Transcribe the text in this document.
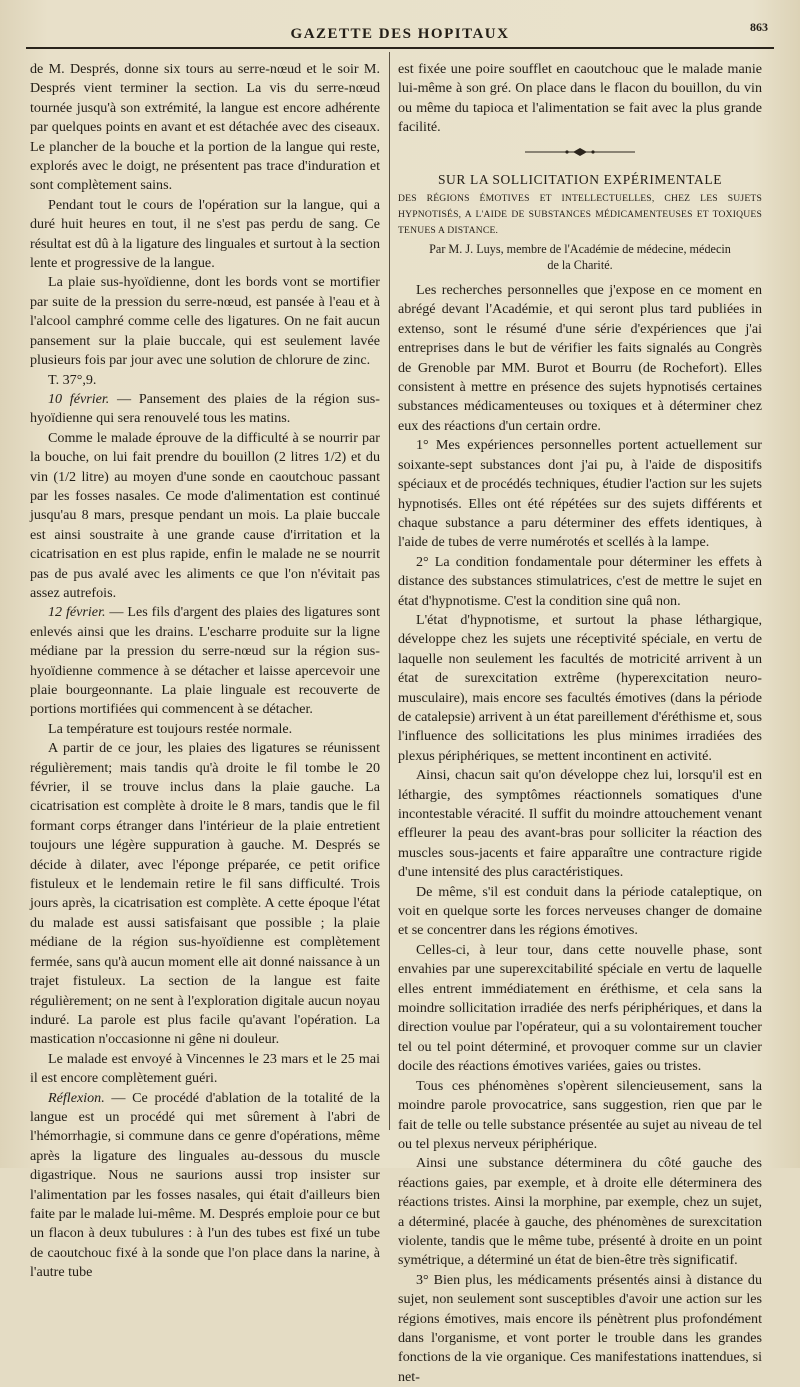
GAZETTE DES HOPITAUX	863

de M. Després, donne six tours au serre-nœud et le soir M. Després vient terminer la section. La vis du serre-nœud tournée jusqu'à son extrémité, la langue est encore adhérente par quelques points en avant et est détachée avec des ciseaux. Le plancher de la bouche et la portion de la langue qui reste, explorés avec le doigt, ne présentent pas trace d'induration et sont complètement sains.

Pendant tout le cours de l'opération sur la langue, qui a duré huit heures en tout, il ne s'est pas perdu de sang. Ce résultat est dû à la ligature des linguales et surtout à la section lente et progressive de la langue.

La plaie sus-hyoïdienne, dont les bords vont se mortifier par suite de la pression du serre-nœud, est pansée à l'eau et à l'alcool camphré comme celle des ligatures. On ne fait aucun pansement sur la plaie buccale, qui est seulement lavée plusieurs fois par jour avec une solution de chlorure de zinc.

T. 37°,9.

10 février. — Pansement des plaies de la région sus-hyoïdienne qui sera renouvelé tous les matins.

Comme le malade éprouve de la difficulté à se nourrir par la bouche, on lui fait prendre du bouillon (2 litres 1/2) et du vin (1/2 litre) au moyen d'une sonde en caoutchouc passant par les fosses nasales. Ce mode d'alimentation est continué jusqu'au 8 mars, presque pendant un mois. La plaie buccale est ainsi soustraite à une grande cause d'irritation et la cicatrisation en est plus rapide, enfin le malade ne se nourrit pas de pus avalé avec les aliments ce que l'on n'évitait pas assez autrefois.

12 février. — Les fils d'argent des plaies des ligatures sont enlevés ainsi que les drains. L'escharre produite sur la ligne médiane par la pression du serre-nœud sur la région sus-hyoïdienne commence à se détacher et laisse apercevoir une plaie bourgeonnante. La plaie linguale est recouverte de portions mortifiées qui commencent à se détacher.

La température est toujours restée normale.

A partir de ce jour, les plaies des ligatures se réunissent régulièrement; mais tandis qu'à droite le fil tombe le 20 février, il se trouve inclus dans la plaie gauche. La cicatrisation est complète à droite le 8 mars, tandis que le fil formant corps étranger dans l'intérieur de la plaie entretient toujours une légère suppuration à gauche. M. Després se décide à dilater, avec l'éponge préparée, ce petit orifice fistuleux et le lendemain retire le fil sans difficulté. Trois jours après, la cicatrisation est complète. A cette époque l'état du malade est aussi satisfaisant que possible ; la plaie médiane de la région sus-hyoïdienne est complètement fermée, sans qu'à aucun moment elle ait donné naissance à un trajet fistuleux. La section de la langue est faite régulièrement; on ne sent à l'exploration digitale aucun noyau induré. La parole est plus facile qu'avant l'opération. La mastication n'occasionne ni gêne ni douleur.

Le malade est envoyé à Vincennes le 23 mars et le 25 mai il est encore complètement guéri.

Réflexion. — Ce procédé d'ablation de la totalité de la langue est un procédé qui met sûrement à l'abri de l'hémorrhagie, si commune dans ce genre d'opérations, même après la ligature des linguales au-dessous du muscle digastrique. Nous ne saurions aussi trop insister sur l'alimentation par les fosses nasales, qui était d'ailleurs bien faite par le malade lui-même. M. Després emploie pour ce but un flacon à deux tubulures : à l'un des tubes est fixé un tube de caoutchouc fixé à la sonde que l'on place dans la narine, à l'autre tube

est fixée une poire soufflet en caoutchouc que le malade manie lui-même à son gré. On place dans le flacon du bouillon, du vin ou même du tapioca et l'alimentation se fait avec la plus grande facilité.

SUR LA SOLLICITATION EXPÉRIMENTALE

DES RÉGIONS ÉMOTIVES ET INTELLECTUELLES, CHEZ LES SUJETS HYPNOTISÉS, A L'AIDE DE SUBSTANCES MÉDICAMENTEUSES ET TOXIQUES TENUES A DISTANCE.

Par M. J. Luys, membre de l'Académie de médecine, médecin
de la Charité.

Les recherches personnelles que j'expose en ce moment en abrégé devant l'Académie, et qui seront plus tard publiées in extenso, sont le résumé d'une série d'expériences que j'ai entreprises dans le but de vérifier les faits signalés au Congrès de Grenoble par MM. Burot et Bourru (de Rochefort). Elles consistent à mettre en présence des sujets hypnotisés certaines substances médicamenteuses ou toxiques et à déterminer chez eux des réactions d'un certain ordre.

1° Mes expériences personnelles portent actuellement sur soixante-sept substances dont j'ai pu, à l'aide de dispositifs spéciaux et de procédés techniques, étudier l'action sur les sujets hypnotisés. Elles ont été répétées sur des sujets différents et chaque substance a paru déterminer des effets identiques, à l'aide de tubes de verre numérotés et scellés à la lampe.

2° La condition fondamentale pour déterminer les effets à distance des substances stimulatrices, c'est de mettre le sujet en état d'hypnotisme. C'est la condition sine quâ non.

L'état d'hypnotisme, et surtout la phase léthargique, développe chez les sujets une réceptivité spéciale, en vertu de laquelle non seulement les facultés de motricité arrivent à un état de surexcitation extrême (hyperexcitation neuro-musculaire), mais encore ses facultés émotives (dans la période de catalepsie) arrivent à un état pareillement d'éréthisme et, sous l'influence des sollicitations les plus minimes irradiées des plexus périphériques, se mettent incontinent en activité.

Ainsi, chacun sait qu'on développe chez lui, lorsqu'il est en léthargie, des symptômes réactionnels somatiques d'une incontestable véracité. Il suffit du moindre attouchement venant effleurer la peau des avant-bras pour solliciter la réaction des muscles sous-jacents et faire apparaître une contracture rigide d'une intensité des plus caractéristiques.

De même, s'il est conduit dans la période cataleptique, on voit en quelque sorte les forces nerveuses changer de domaine et se concentrer dans les régions émotives.

Celles-ci, à leur tour, dans cette nouvelle phase, sont envahies par une superexcitabilité spéciale en vertu de laquelle elles entrent immédiatement en éréthisme, et cela sans la moindre sollicitation irradiée des nerfs périphériques, et dans la direction voulue par l'opérateur, qui a su volontairement toucher tel ou tel point déterminé, et provoquer comme sur un clavier docile des réactions émotives variées, gaies ou tristes.

Tous ces phénomènes s'opèrent silencieusement, sans la moindre parole provocatrice, sans suggestion, rien que par le fait de telle ou telle substance présentée au sujet au niveau de tel ou tel plexus nerveux périphérique.

Ainsi une substance déterminera du côté gauche des réactions gaies, par exemple, et à droite elle déterminera des réactions tristes. Ainsi la morphine, par exemple, chez un sujet, a déterminé, placée à gauche, des phénomènes de surexcitation violente, tandis que le même tube, présenté à droite en un point symétrique, a déterminé un état de bien-être très significatif.

3° Bien plus, les médicaments présentés ainsi à distance du sujet, non seulement sont susceptibles d'avoir une action sur les régions émotives, mais encore ils pénètrent plus profondément dans l'organisme, et vont porter le trouble dans les grandes fonctions de la vie organique. Ces manifestations inattendues, si net-
